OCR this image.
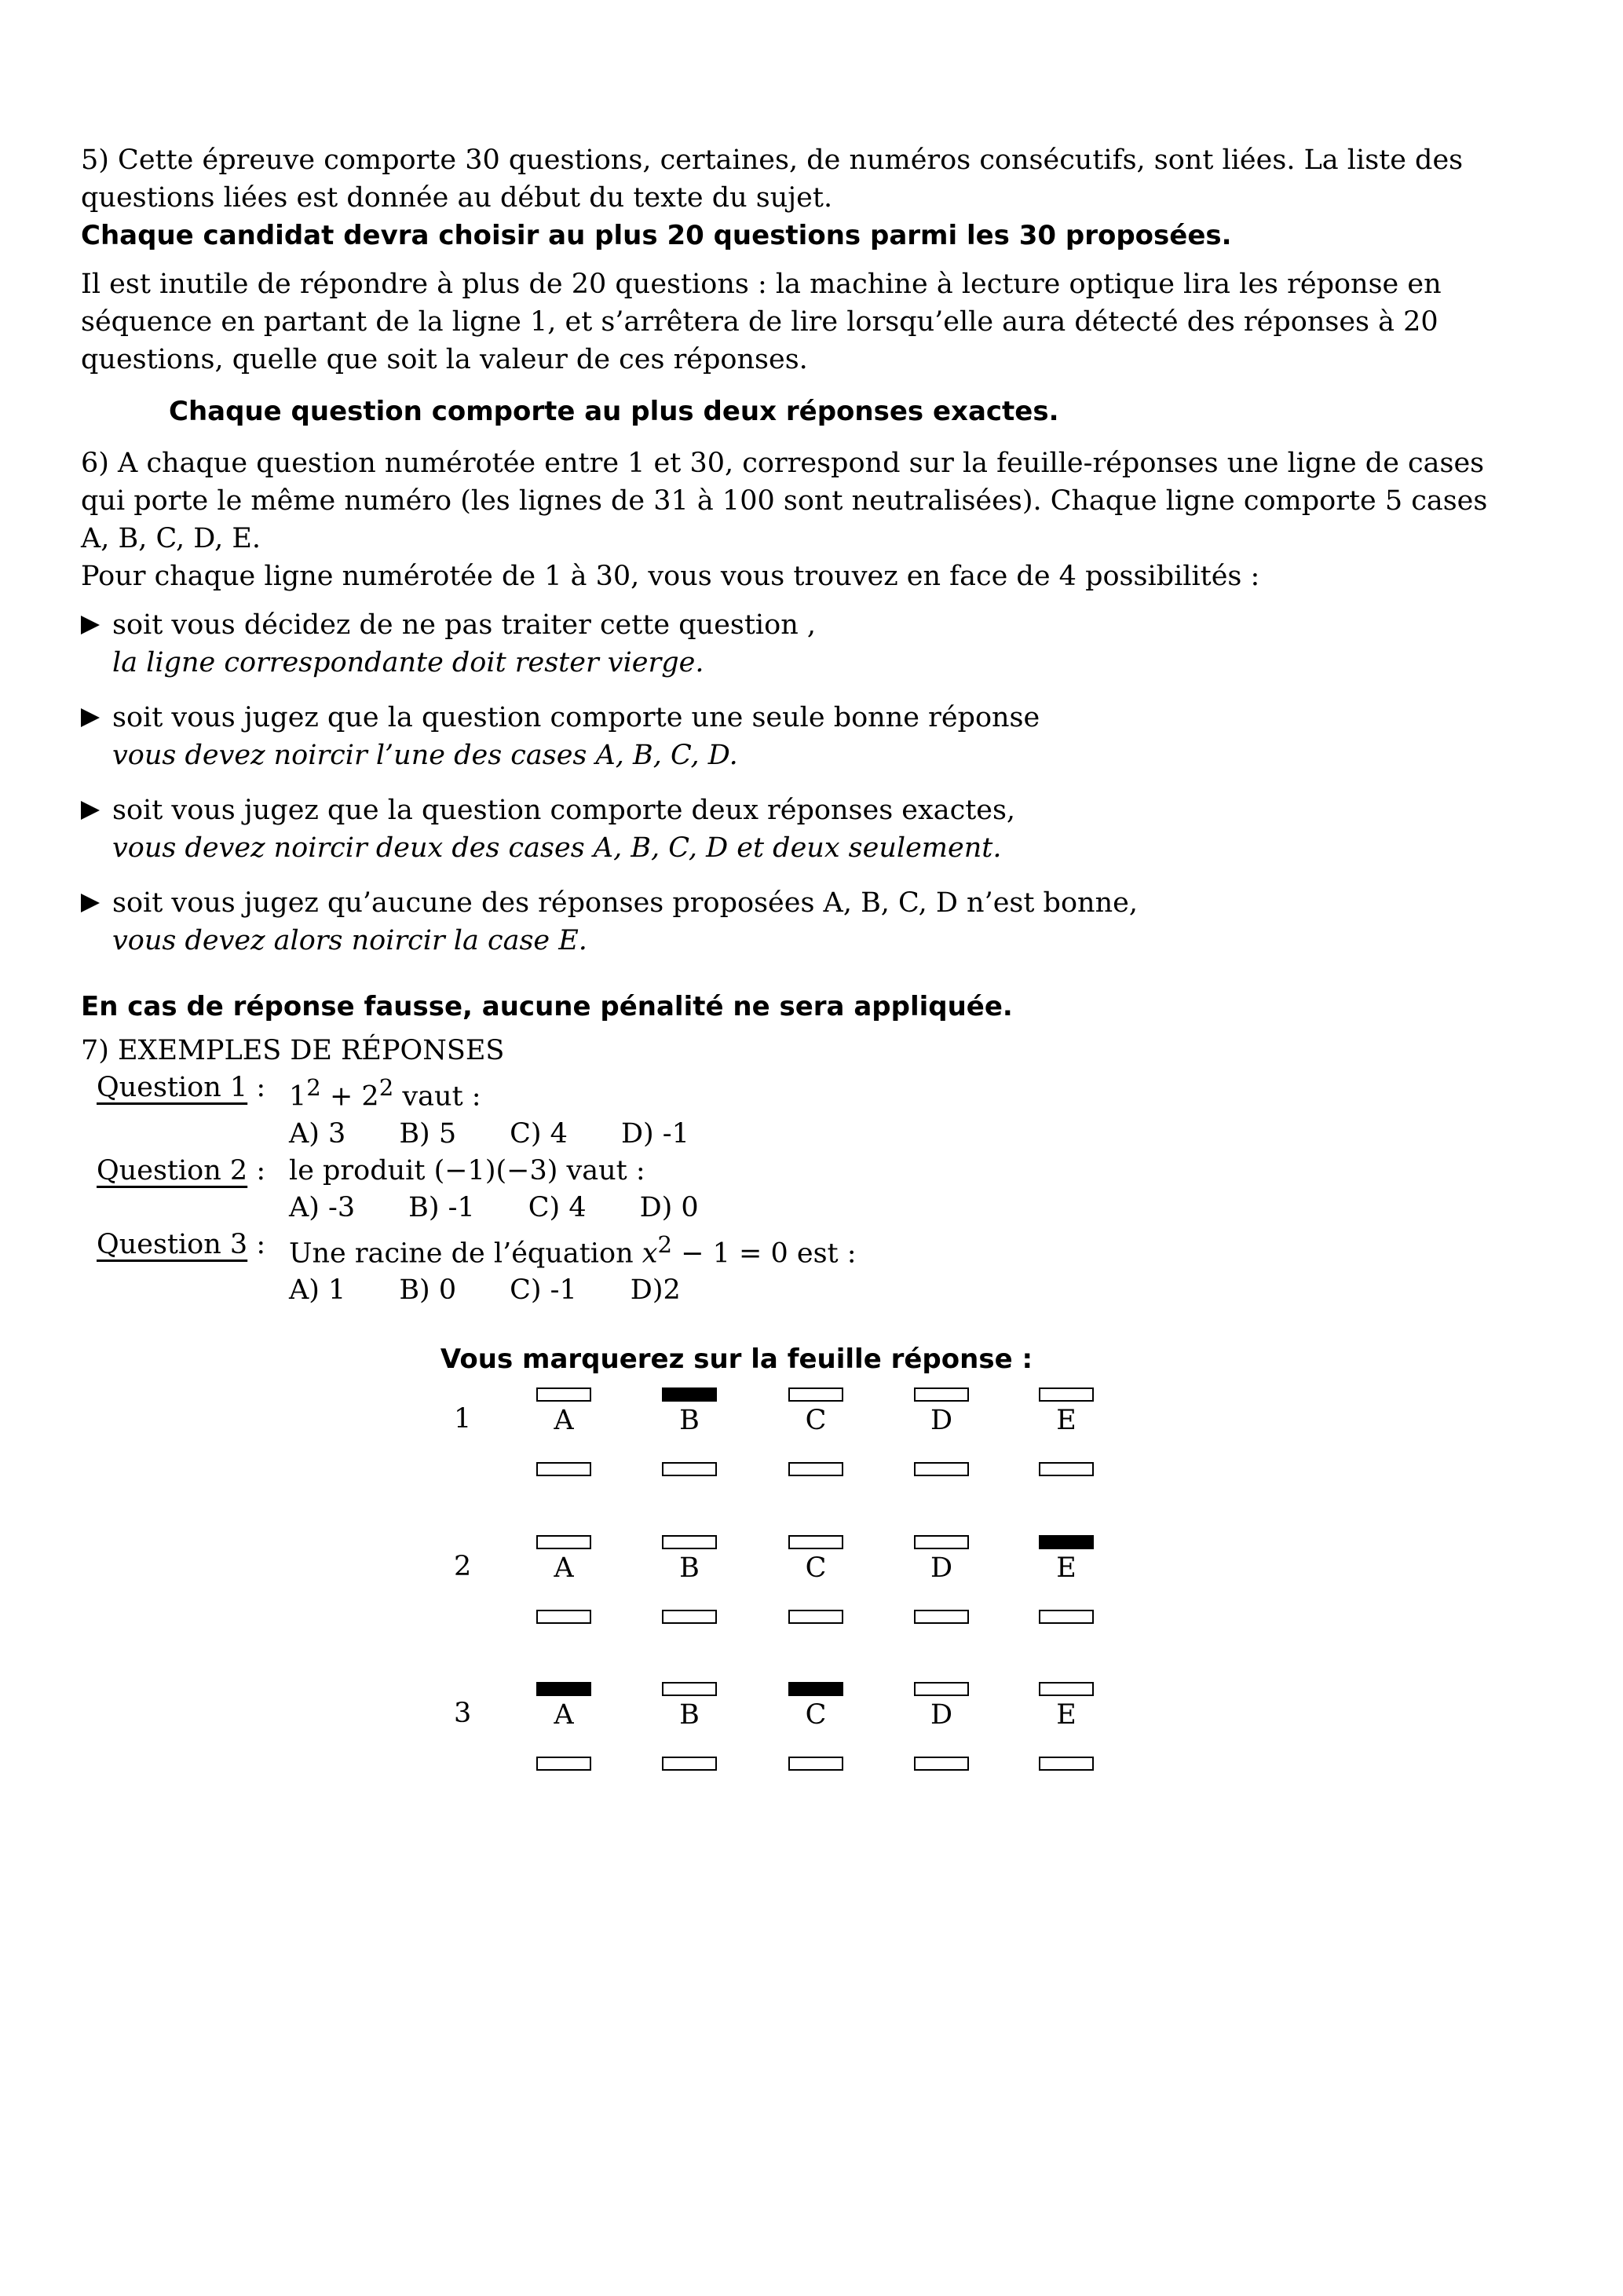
5) Cette épreuve comporte 30 questions, certaines, de numéros consécutifs, sont liées. La liste des questions liées est donnée au début du texte du sujet.

Chaque candidat devra choisir au plus 20 questions parmi les 30 proposées.

Il est inutile de répondre à plus de 20 questions : la machine à lecture optique lira les réponse en séquence en partant de la ligne 1, et s’arrêtera de lire lorsqu’elle aura détecté des réponses à 20 questions, quelle que soit la valeur de ces réponses.

Chaque question comporte au plus deux réponses exactes.

6) A chaque question numérotée entre 1 et 30, correspond sur la feuille-réponses une ligne de cases qui porte le même numéro (les lignes de 31 à 100 sont neutralisées). Chaque ligne comporte 5 cases A, B, C, D, E.

Pour chaque ligne numérotée de 1 à 30, vous vous trouvez en face de 4 possibilités :

soit vous décidez de ne pas traiter cette question ,
la ligne correspondante doit rester vierge.
soit vous jugez que la question comporte une seule bonne réponse
vous devez noircir l’une des cases A, B, C, D.
soit vous jugez que la question comporte deux réponses exactes,
vous devez noircir deux des cases A, B, C, D et deux seulement.
soit vous jugez qu’aucune des réponses proposées A, B, C, D n’est bonne,
vous devez alors noircir la case E.

En cas de réponse fausse, aucune pénalité ne sera appliquée.

7) EXEMPLES DE RÉPONSES
Question 1 : $1^2 + 2^2$ vaut :
A) 3 B) 5 C) 4 D) -1
Question 2 : le produit (−1)(−3) vaut :
A) -3 B) -1 C) 4 D) 0
Question 3 : Une racine de l’équation $x^2 - 1 = 0$ est :
A) 1 B) 0 C) -1 D)2

Vous marquerez sur la feuille réponse :

1	A	B	C	D	E
2	A	B	C	D	E
3	A	B	C	D	E
